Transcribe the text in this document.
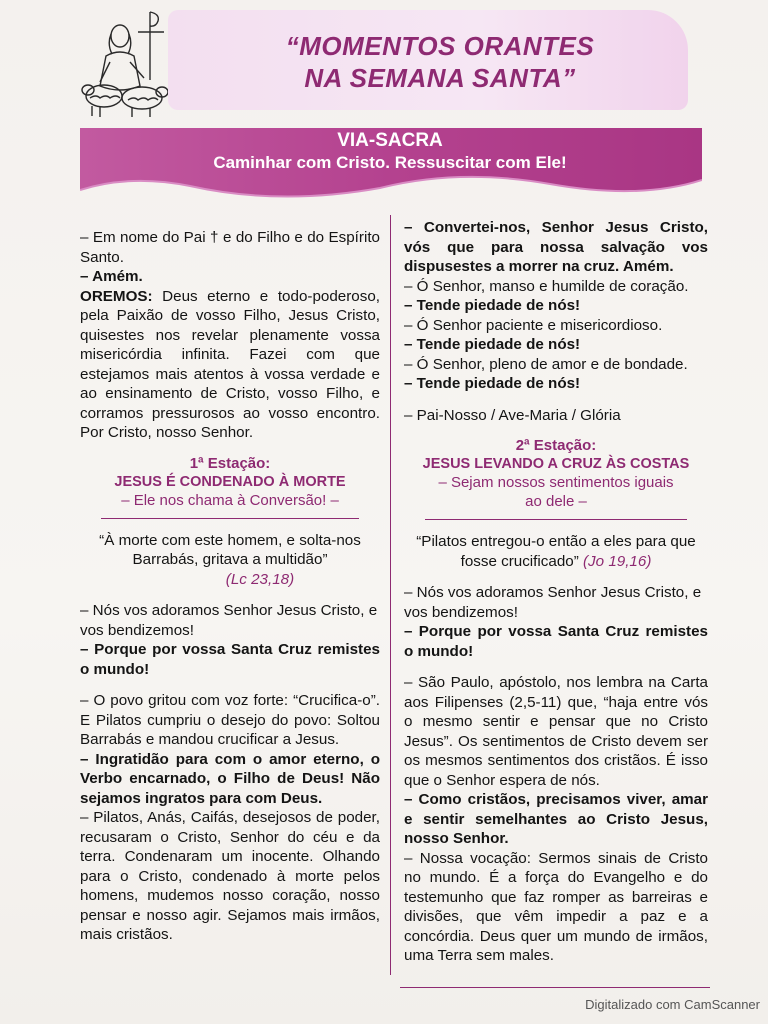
“MOMENTOS ORANTES
NA SEMANA SANTA”
VIA-SACRA
Caminhar com Cristo. Ressuscitar com Ele!

– Em nome do Pai † e do Filho e do Espírito Santo.

– Amém.

OREMOS: Deus eterno e todo-poderoso, pela Paixão de vosso Filho, Jesus Cristo, quisestes nos revelar plenamente vossa misericórdia infinita. Fazei com que estejamos mais atentos à vossa verdade e ao ensinamento de Cristo, vosso Filho, e corramos pressurosos ao vosso encontro. Por Cristo, nosso Senhor.

1ª Estação:
JESUS É CONDENADO À MORTE
– Ele nos chama à Conversão! –

“À morte com este homem, e solta-nos Barrabás, gritava a multidão”

(Lc 23,18)

– Nós vos adoramos Senhor Jesus Cristo, e vos bendizemos!

– Porque por vossa Santa Cruz remistes o mundo!

– O povo gritou com voz forte: “Crucifica-o”. E Pilatos cumpriu o desejo do povo: Soltou Barrabás e mandou crucificar a Jesus.

– Ingratidão para com o amor eterno, o Verbo encarnado, o Filho de Deus! Não sejamos ingratos para com Deus.

– Pilatos, Anás, Caifás, desejosos de poder, recusaram o Cristo, Senhor do céu e da terra. Condenaram um inocente. Olhando para o Cristo, condenado à morte pelos homens, mudemos nosso coração, nosso pensar e nosso agir. Sejamos mais irmãos, mais cristãos.

– Convertei-nos, Senhor Jesus Cristo, vós que para nossa salvação vos dispusestes a morrer na cruz. Amém.

– Ó Senhor, manso e humilde de coração.

– Tende piedade de nós!

– Ó Senhor paciente e misericordioso.

– Tende piedade de nós!

– Ó Senhor, pleno de amor e de bondade.

– Tende piedade de nós!

– Pai-Nosso / Ave-Maria / Glória

2ª Estação:
JESUS LEVANDO A CRUZ ÀS COSTAS
– Sejam nossos sentimentos iguais ao dele –

“Pilatos entregou-o então a eles para que fosse crucificado” (Jo 19,16)

– Nós vos adoramos Senhor Jesus Cristo, e vos bendizemos!

– Porque por vossa Santa Cruz remistes o mundo!

– São Paulo, apóstolo, nos lembra na Carta aos Filipenses (2,5-11) que, “haja entre vós o mesmo sentir e pensar que no Cristo Jesus”. Os sentimentos de Cristo devem ser os mesmos sentimentos dos cristãos. É isso que o Senhor espera de nós.

– Como cristãos, precisamos viver, amar e sentir semelhantes ao Cristo Jesus, nosso Senhor.

– Nossa vocação: Sermos sinais de Cristo no mundo. É a força do Evangelho e do testemunho que faz romper as barreiras e divisões, que vêm impedir a paz e a concórdia. Deus quer um mundo de irmãos, uma Terra sem males.

Digitalizado com CamScanner
